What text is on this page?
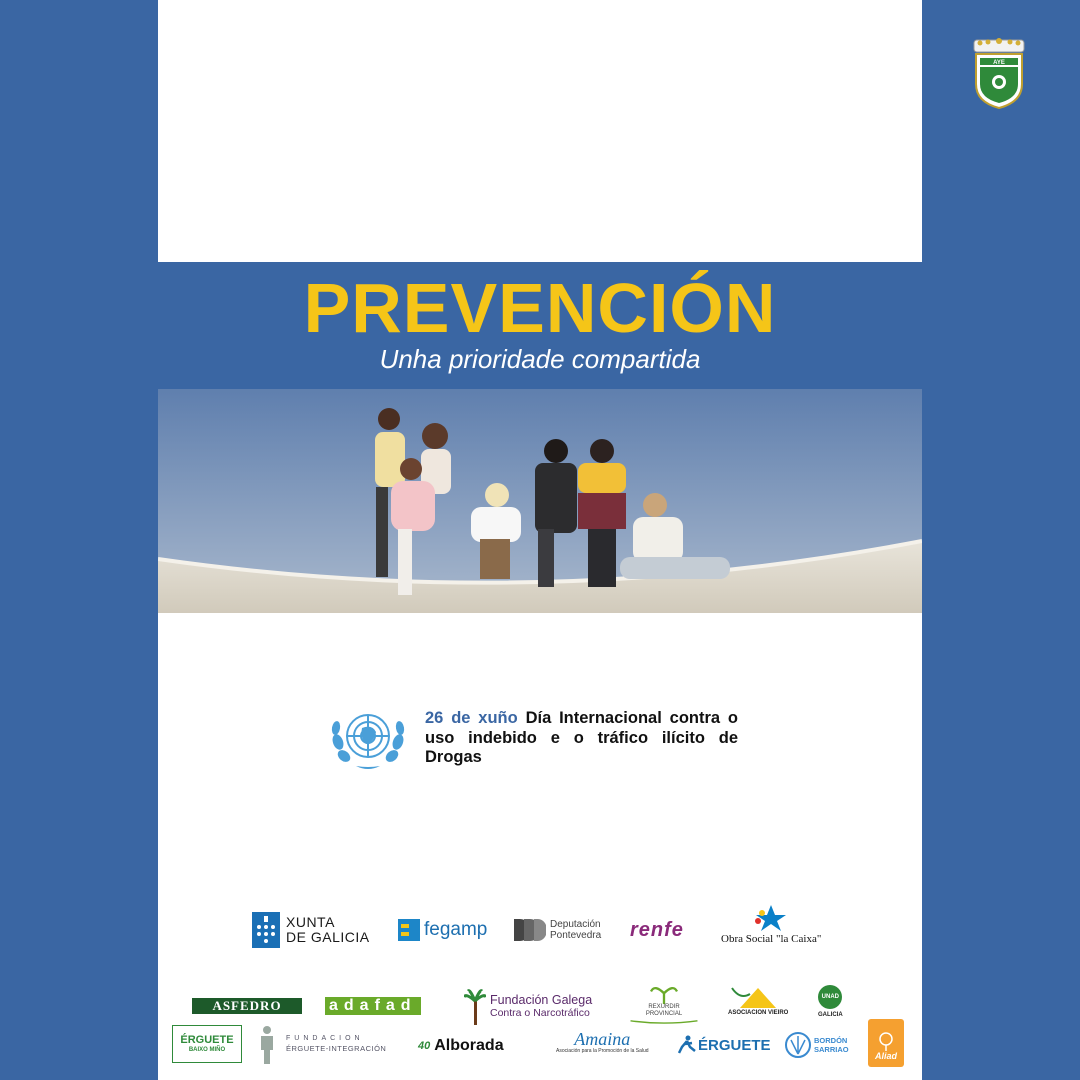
AYE
PREVENCIÓN
Unha prioridade compartida
26 de xuño Día Internacional contra o uso indebido e o tráfico ilícito de Drogas
XUNTA
DE GALICIA	fegamp	Deputación
Pontevedra renfe	Obra Social "la Caixa"
ASFEDRO	adafad	Fundación Galega
Contra o Narcotráfico	REXURDIR
PROVINCIAL	ASOCIACION VIEIRO
UNAD
GALICIA
ÉRGUETE
BAIXO MIÑO
FUNDACION
ÉRGUETE-INTEGRACIÓN	40 Alborada	Amaina
Asociación para la Promoción de la Salud	ÉRGUETE	BORDÓN
SARRIAO
Aliad
